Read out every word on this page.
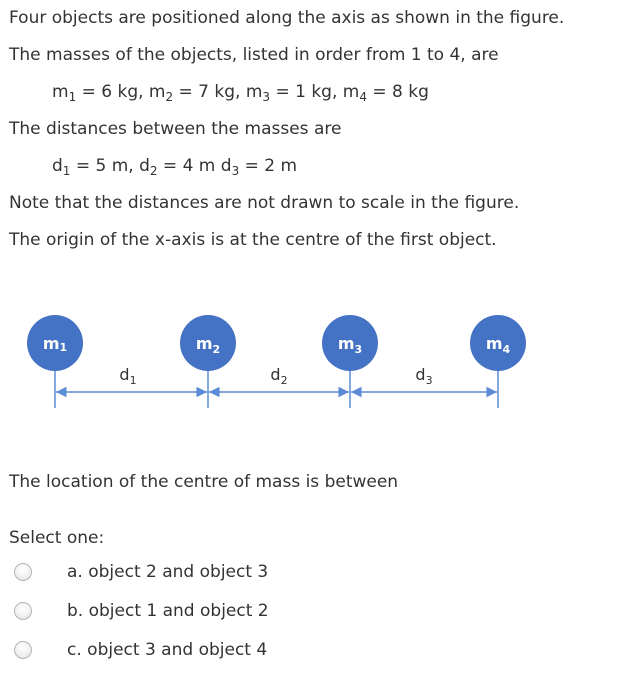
Four objects are positioned along the axis as shown in the figure.
The masses of the objects, listed in order from 1 to 4, are
$m_1 = 6$ kg, $m_2 = 7$ kg, $m_3 = 1$ kg, $m_4 = 8$ kg
The distances between the masses are
$d_1 = 5$ m, $d_2 = 4$ m $d_3 = 2$ m
Note that the distances are not drawn to scale in the figure.
The origin of the x-axis is at the centre of the first object.
m1	$m_2$	$m_3$	$m_4$
$d_1$	$d_2$	$d_3$
The location of the centre of mass is between
Select one:
a. object 2 and object 3
b. object 1 and object 2
c. object 3 and object 4
